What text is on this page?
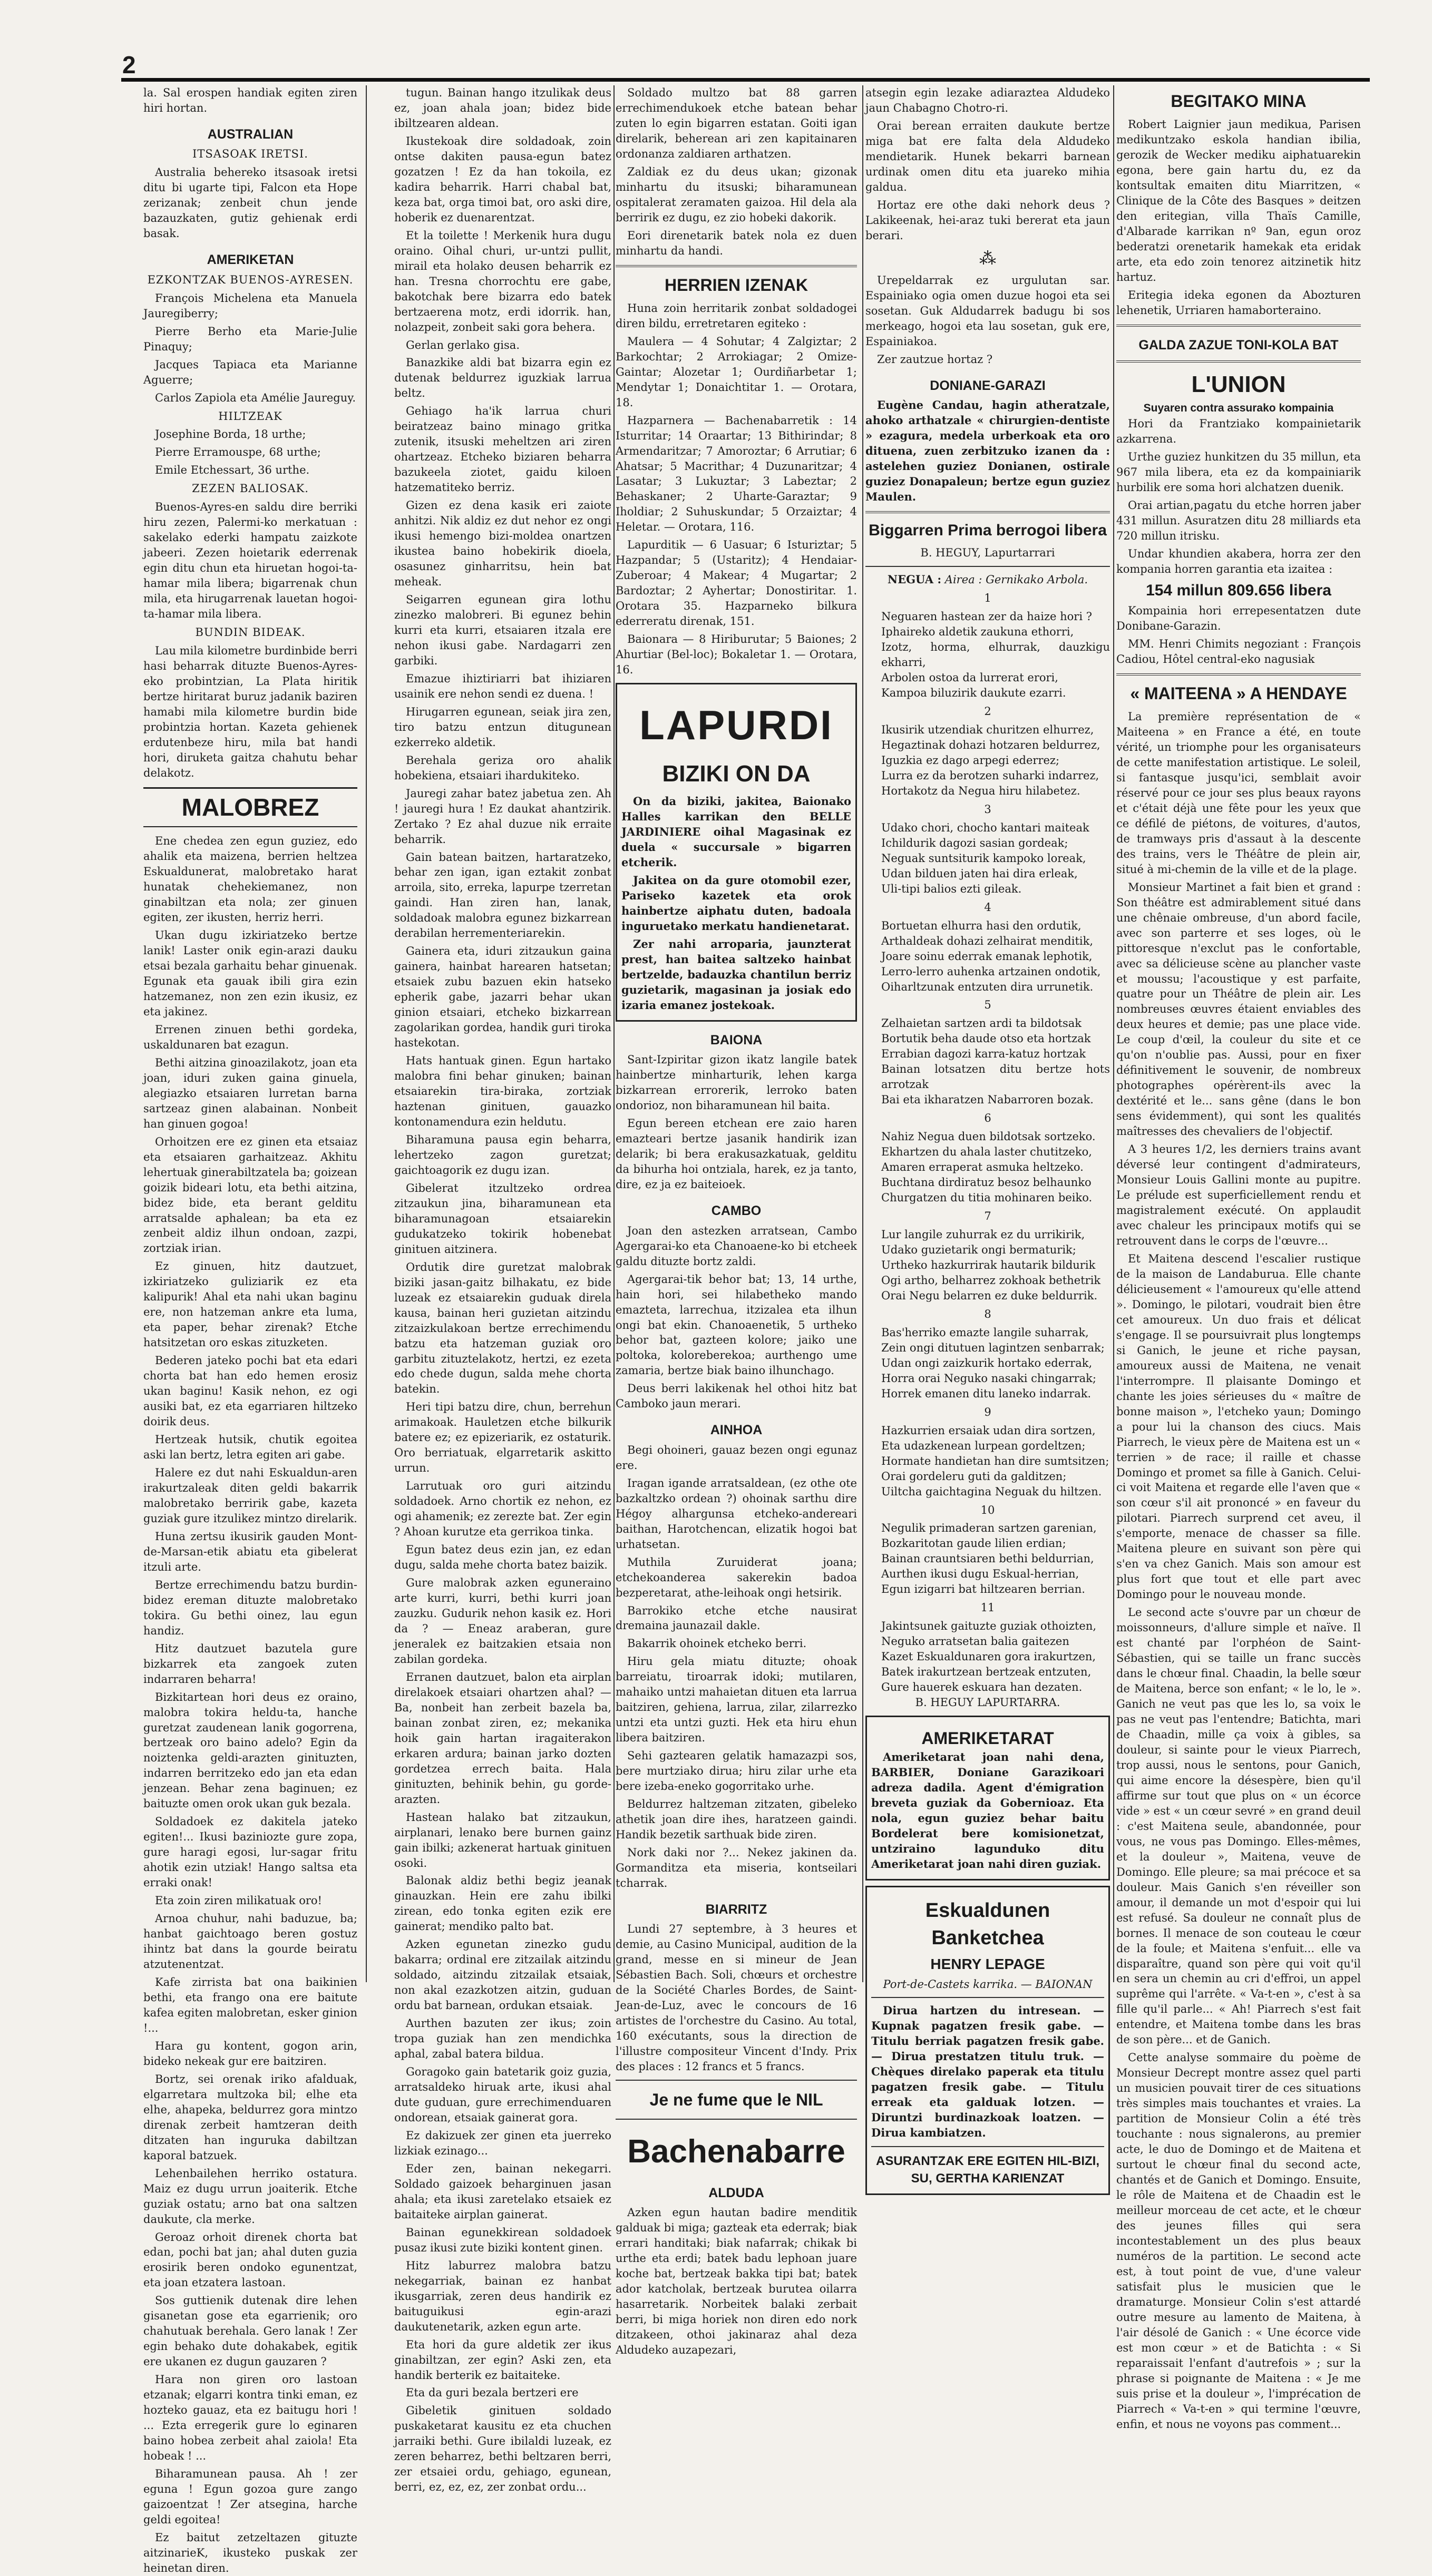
2

la. Sal erospen handiak egiten ziren hiri hortan.

AUSTRALIAN
ITSASOAK IRETSI.

Australia behereko itsasoak iretsi ditu bi ugarte tipi, Falcon eta Hope zerizanak; zenbeit chun jende bazauzkaten, gutiz gehienak erdi basak.

AMERIKETAN
EZKONTZAK BUENOS-AYRESEN.

François Michelena eta Manuela Jauregiberry;

Pierre Berho eta Marie-Julie Pinaquy;

Jacques Tapiaca eta Marianne Aguerre;

Carlos Zapiola eta Amélie Jaureguy.

HILTZEAK

Josephine Borda, 18 urthe;

Pierre Erramouspe, 68 urthe;

Emile Etchessart, 36 urthe.

ZEZEN BALIOSAK.

Buenos-Ayres-en saldu dire berriki hiru zezen, Palermi-ko merkatuan : sakelako ederki hampatu zaizkote jabeeri. Zezen hoietarik ederrenak egin ditu chun eta hiruetan hogoi-ta-hamar mila libera; bigarrenak chun mila, eta hirugarrenak lauetan hogoi-ta-hamar mila libera.

BUNDIN BIDEAK.

Lau mila kilometre burdinbide berri hasi beharrak dituzte Buenos-Ayres-eko probintzian, La Plata hiritik bertze hiritarat buruz jadanik baziren hamabi mila kilometre burdin bide probintzia hortan. Kazeta gehienek erdutenbeze hiru, mila bat handi hori, diruketa gaitza chahutu behar delakotz.

MALOBREZ

Ene chedea zen egun guziez, edo ahalik eta maizena, berrien heltzea Eskualdunerat, malobretako harat hunatak chehekiemanez, non ginabiltzan eta nola; zer ginuen egiten, zer ikusten, herriz herri.

Ukan dugu izkiriatzeko bertze lanik! Laster onik egin-arazi dauku etsai bezala garhaitu behar ginuenak. Egunak eta gauak ibili gira ezin hatzemanez, non zen ezin ikusiz, ez eta jakinez.

Errenen zinuen bethi gordeka, uskaldunaren bat ezagun.

Bethi aitzina ginoazilakotz, joan eta joan, iduri zuken gaina ginuela, alegiazko etsaiaren lurretan barna sartzeaz ginen alabainan. Nonbeit han ginuen gogoa!

Orhoitzen ere ez ginen eta etsaiaz eta etsaiaren garhaitzeaz. Akhitu lehertuak ginerabiltzatela ba; goizean goizik bideari lotu, eta bethi aitzina, bidez bide, eta berant gelditu arratsalde aphalean; ba eta ez zenbeit aldiz ilhun ondoan, zazpi, zortziak irian.

Ez ginuen, hitz dautzuet, izkiriatzeko guliziarik ez eta kalipurik! Ahal eta nahi ukan baginu ere, non hatzeman ankre eta luma, eta paper, behar zirenak? Etche hatsitzetan oro eskas zituzketen.

Bederen jateko pochi bat eta edari chorta bat han edo hemen erosiz ukan baginu! Kasik nehon, ez ogi ausiki bat, ez eta egarriaren hiltzeko doirik deus.

Hertzeak hutsik, chutik egoitea aski lan bertz, letra egiten ari gabe.

Halere ez dut nahi Eskualdun-aren irakurtzaleak diten geldi bakarrik malobretako berririk gabe, kazeta guziak gure itzulikez mintzo direlarik.

Huna zertsu ikusirik gauden Mont-de-Marsan-etik abiatu eta gibelerat itzuli arte.

Bertze errechimendu batzu burdin-bidez ereman dituzte malobretako tokira. Gu bethi oinez, lau egun handiz.

Hitz dautzuet bazutela gure bizkarrek eta zangoek zuten indarraren beharra!

Bizkitartean hori deus ez oraino, malobra tokira heldu-ta, hanche guretzat zaudenean lanik gogorrena, bertzeak oro baino adelo? Egin da noiztenka geldi-arazten ginituzten, indarren berritzeko edo jan eta edan jenzean. Behar zena baginuen; ez baituzte omen orok ukan guk bezala.

Soldadoek ez dakitela jateko egiten!... Ikusi baziniozte gure zopa, gure haragi egosi, lur-sagar fritu ahotik ezin utziak! Hango saltsa eta erraki onak!

Eta zoin ziren milikatuak oro!

Arnoa chuhur, nahi baduzue, ba; hanbat gaichtoago beren gostuz ihintz bat dans la gourde beiratu atzutenentzat.

Kafe zirrista bat ona baikinien bethi, eta frango ona ere baitute kafea egiten malobretan, esker ginion !...

Hara gu kontent, gogon arin, bideko nekeak gur ere baitziren.

Bortz, sei orenak iriko afalduak, elgarretara multzoka bil; elhe eta elhe, ahapeka, beldurrez gora mintzo direnak zerbeit hamtzeran deith ditzaten han inguruka dabiltzan kaporal batzuek.

Lehenbailehen herriko ostatura. Maiz ez dugu urrun joaiterik. Etche guziak ostatu; arno bat ona saltzen daukute, cla merke.

Geroaz orhoit direnek chorta bat edan, pochi bat jan; ahal duten guzia erosirik beren ondoko egunentzat, eta joan etzatera lastoan.

Sos guttienik dutenak dire lehen gisanetan gose eta egarrienik; oro chahutuak berehala. Gero lanak ! Zer egin behako dute dohakabek, egitik ere ukanen ez dugun gauzaren ?

Hara non giren oro lastoan etzanak; elgarri kontra tinki eman, ez hozteko gauaz, eta ez baitugu hori ! ... Ezta erregerik gure lo eginaren baino hobea zerbeit ahal zaiola! Eta hobeak ! ...

Biharamunean pausa. Ah ! zer eguna ! Egun gozoa gure zango gaizoentzat ! Zer atsegina, harche geldi egoitea!

Ez baitut zetzeltazen gituzte aitzinarieK, ikusteko puskak zer heinetan diren.

tugun. Bainan hango itzulikak deus ez, joan ahala joan; bidez bide ibiltzearen aldean.

Ikustekoak dire soldadoak, zoin ontse dakiten pausa-egun batez gozatzen ! Ez da han tokoila, ez kadira beharrik. Harri chabal bat, keza bat, orga timoi bat, oro aski dire, hoberik ez duenarentzat.

Et la toilette ! Merkenik hura dugu oraino. Oihal churi, ur-untzi pullit, mirail eta holako deusen beharrik ez han. Tresna chorrochtu ere gabe, bakotchak bere bizarra edo batek bertzaerena motz, erdi idorrik. han, nolazpeit, zonbeit saki gora behera.

Gerlan gerlako gisa.

Banazkike aldi bat bizarra egin ez dutenak beldurrez iguzkiak larrua beltz.

Gehiago ha'ik larrua churi beiratzeaz baino minago gritka zutenik, itsuski meheltzen ari ziren ohartzeaz. Etcheko biziaren beharra bazukeela ziotet, gaidu kiloen hatzematiteko berriz.

Gizen ez dena kasik eri zaiote anhitzi. Nik aldiz ez dut nehor ez ongi ikusi hemengo bizi-moldea onartzen ikustea baino hobekirik dioela, osasunez ginharritsu, hein bat meheak.

Seigarren egunean gira lothu zinezko malobreri. Bi egunez behin kurri eta kurri, etsaiaren itzala ere nehon ikusi gabe. Nardagarri zen garbiki.

Emazue ihiztiriarri bat ihiziaren usainik ere nehon sendi ez duena. !

Hirugarren egunean, seiak jira zen, tiro batzu entzun ditugunean ezkerreko aldetik.

Berehala geriza oro ahalik hobekiena, etsaiari ihardukiteko.

Jauregi zahar batez jabetua zen. Ah ! jauregi hura ! Ez daukat ahantzirik. Zertako ? Ez ahal duzue nik erraite beharrik.

Gain batean baitzen, hartaratzeko, behar zen igan, igan eztakit zonbat arroila, sito, erreka, lapurpe tzerretan gaindi. Han ziren han, lanak, soldadoak malobra egunez bizkarrean derabilan herrementeriarekin.

Gainera eta, iduri zitzaukun gaina gainera, hainbat harearen hatsetan; etsaiek zubu bazuen ekin hatseko epherik gabe, jazarri behar ukan ginion etsaiari, etcheko bizkarrean zagolarikan gordea, handik guri tiroka hastekotan.

Hats hantuak ginen. Egun hartako malobra fini behar ginuken; bainan etsaiarekin tira-biraka, zortziak haztenan ginituen, gauazko kontonamendura ezin heldutu.

Biharamuna pausa egin beharra, lehertzeko zagon guretzat; gaichtoagorik ez dugu izan.

Gibelerat itzultzeko ordrea zitzaukun jina, biharamunean eta biharamunagoan etsaiarekin gudukatzeko tokirik hobenebat ginituen aitzinera.

Ordutik dire guretzat malobrak biziki jasan-gaitz bilhakatu, ez bide luzeak ez etsaiarekin guduak direla kausa, bainan heri guzietan aitzindu zitzaizkulakoan bertze errechimendu batzu eta hatzeman guziak oro garbitu zituztelakotz, hertzi, ez ezeta edo chede dugun, salda mehe chorta batekin.

Heri tipi batzu dire, chun, berrehun arimakoak. Hauletzen etche bilkurik batere ez; ez epizeriarik, ez ostaturik. Oro berriatuak, elgarretarik askitto urrun.

Larrutuak oro guri aitzindu soldadoek. Arno chortik ez nehon, ez ogi ahamenik; ez zerezte bat. Zer egin ? Ahoan kurutze eta gerrikoa tinka.

Egun batez deus ezin jan, ez edan dugu, salda mehe chorta batez baizik.

Gure malobrak azken eguneraino arte kurri, kurri, bethi kurri joan zauzku. Gudurik nehon kasik ez. Hori da ? — Eneaz araberan, gure jeneralek ez baitzakien etsaia non zabilan gordeka.

Erranen dautzuet, balon eta airplan direlakoek etsaiari ohartzen ahal? — Ba, nonbeit han zerbeit bazela ba, bainan zonbat ziren, ez; mekanika hoik gain hartan iragaiterakon erkaren ardura; bainan jarko dozten gordetzea errech baita. Hala ginituzten, behinik behin, gu gorde-arazten.

Hastean halako bat zitzaukun, airplanari, lenako bere burnen gainz gain ibilki; azkenerat hartuak ginituen osoki.

Balonak aldiz bethi begiz jeanak ginauzkan. Hein ere zahu ibilki zirean, edo tonka egiten ezik ere gainerat; mendiko palto bat.

Azken egunetan zinezko gudu bakarra; ordinal ere zitzailak aitzindu soldado, aitzindu zitzailak etsaiak, non akal ezazkotzen aitzin, guduan ordu bat barnean, ordukan etsaiak.

Aurthen bazuten zer ikus; zoin tropa guziak han zen mendichka aphal, zabal batera bildua.

Goragoko gain batetarik goiz guzia, arratsaldeko hiruak arte, ikusi ahal dute guduan, gure errechimenduaren ondorean, etsaiak gainerat gora.

Ez dakizuek zer ginen eta juerreko lizkiak ezinago...

Eder zen, bainan nekegarri. Soldado gaizoek beharginuen jasan ahala; eta ikusi zaretelako etsaiek ez baitaiteke airplan gainerat.

Bainan egunekkirean soldadoek pusaz ikusi zute biziki kontent ginen.

Hitz laburrez malobra batzu nekegarriak, bainan ez hanbat ikusgarriak, zeren deus handirik ez baituguikusi egin-arazi daukutenetarik, azken egun arte.

Eta hori da gure aldetik zer ikus ginabiltzan, zer egin? Aski zen, eta handik berterik ez baitaiteke.

Eta da guri bezala bertzeri ere

Gibeletik ginituen soldado puskaketarat kausitu ez eta chuchen jarraiki bethi. Gure ibilaldi luzeak, ez zeren beharrez, bethi beltzaren berri, zer etsaiei ordu, gehiago, egunean, berri, ez, ez, ez, zer zonbat ordu...

Soldado multzo bat 88 garren errechimendukoek etche batean behar zuten lo egin bigarren estatan. Goiti igan direlarik, beherean ari zen kapitainaren ordonanza zaldiaren arthatzen.

Zaldiak ez du deus ukan; gizonak minhartu du itsuski; biharamunean ospitalerat zeramaten gaizoa. Hil dela ala berririk ez dugu, ez zio hobeki dakorik.

Eori direnetarik batek nola ez duen minhartu da handi.

HERRIEN IZENAK

Huna zoin herritarik zonbat soldadogei diren bildu, erretretaren egiteko :

Maulera — 4 Sohutar; 4 Zalgiztar; 2 Barkochtar; 2 Arrokiagar; 2 Omize-Gaintar; Alozetar 1; Ourdiñarbetar 1; Mendytar 1; Donaichtitar 1. — Orotara, 18.

Hazparnera — Bachenabarretik : 14 Isturritar; 14 Oraartar; 13 Bithirindar; 8 Armendaritzar; 7 Amoroztar; 6 Arrutiar; 6 Ahatsar; 5 Macrithar; 4 Duzunaritzar; 4 Lasatar; 3 Lukuztar; 3 Labeztar; 2 Behaskaner; 2 Uharte-Garaztar; 9 Iholdiar; 2 Suhuskundar; 5 Orzaiztar; 4 Heletar. — Orotara, 116.

Lapurditik — 6 Uasuar; 6 Isturiztar; 5 Hazpandar; 5 (Ustaritz); 4 Hendaiar-Zuberoar; 4 Makear; 4 Mugartar; 2 Bardoztar; 2 Ayhertar; Donostiritar. 1. Orotara 35. Hazparneko bilkura ederreratu direnak, 151.

Baionara — 8 Hiriburutar; 5 Baiones; 2 Ahurtiar (Bel-loc); Bokaletar 1. — Orotara, 16.

LAPURDI
BIZIKI ON DA

On da biziki, jakitea, Baionako Halles karrikan den BELLE JARDINIERE oihal Magasinak ez duela « succursale » bigarren etcherik.

Jakitea on da gure otomobil ezer, Pariseko kazetek eta orok hainbertze aiphatu duten, badoala inguruetako merkatu handienetarat.

Zer nahi arroparia, jaunzterat prest, han baitea saltzeko hainbat bertzelde, badauzka chantilun berriz guzietarik, magasinan ja josiak edo izaria emanez jostekoak.

BAIONA

Sant-Izpiritar gizon ikatz langile batek hainbertze minharturik, lehen karga bizkarrean errorerik, lerroko baten ondorioz, non biharamunean hil baita.

Egun bereen etchean ere zaio haren emazteari bertze jasanik handirik izan delarik; bi bera erakusazkatuak, gelditu da bihurha hoi ontziala, harek, ez ja tanto, dire, ez ja ez baiteioek.

CAMBO

Joan den astezken arratsean, Cambo Agergarai-ko eta Chanoaene-ko bi etcheek galdu dituzte bortz zaldi.

Agergarai-tik behor bat; 13, 14 urthe, hain hori, sei hilabetheko mando emazteta, larrechua, itzizalea eta ilhun ongi bat ekin. Chanoaenetik, 5 urtheko behor bat, gazteen kolore; jaiko une poltoka, koloreberekoa; aurthengo ume zamaria, bertze biak baino ilhunchago.

Deus berri lakikenak hel othoi hitz bat Camboko jaun merari.

AINHOA

Begi ohoineri, gauaz bezen ongi egunaz ere.

Iragan igande arratsaldean, (ez othe ote bazkaltzko ordean ?) ohoinak sarthu dire Hégoy alhargunsa etcheko-andereari baithan, Harotchencan, elizatik hogoi bat urhatsetan.

Muthila Zuruiderat joana; etchekoandereа sakerekin badoa bezperetarat, athe-leihoak ongi hetsirik.

Barrokiko etche etche nausirat dremaina jaunazail dakle.

Bakarrik ohoinek etcheko berri.

Hiru gela miatu dituzte; ohoak barreiatu, tiroarrak idoki; mutilaren, mahaiko untzi mahaietan dituen eta larrua baitziren, gehiena, larrua, zilar, zilarrezko untzi eta untzi guzti. Hek eta hiru ehun libera baitziren.

Sehi gaztearen gelatik hamazazpi sos, bere murtziako dirua; hiru zilar urhe eta bere izeba-eneko gogorritako urhe.

Beldurrez haltzeman zitzaten, gibeleko athetik joan dire ihes, haratzeen gaindi. Handik bezetik sarthuak bide ziren.

Nork daki nor ?... Nekez jakinen da. Gormanditza eta miseria, kontseilari tcharrak.

BIARRITZ

Lundi 27 septembre, à 3 heures et demie, au Casino Municipal, audition de la grand, messe en si mineur de Jean Sébastien Bach. Soli, chœurs et orchestre de la Société Charles Bordes, de Saint-Jean-de-Luz, avec le concours de 16 artistes de l'orchestre du Casino. Au total, 160 exécutants, sous la direction de l'illustre compositeur Vincent d'Indy. Prix des places : 12 francs et 5 francs.

Je ne fume que le NIL
Bachenabarre
ALDUDA

Azken egun hautan badire menditik galduak bi miga; gazteak eta ederrak; biak errari handitaki; biak nafarrak; chikak bi urthe eta erdi; batek badu lephoan juare koche bat, bertzeak bakka tipi bat; batek ador katcholak, bertzeak burutea oilarra hasarretarik. Norbeitek balaki zerbait berri, bi miga horiek non diren edo nork ditzakeen, othoi jakinaraz ahal deza Aldudeko auzapezari,

atsegin egin lezake adiaraztea Aldudeko jaun Chabagno Chotro-ri.

Orai berean erraiten daukute bertze miga bat ere falta dela Aldudeko mendietarik. Hunek bekarri barnean urdinak omen ditu eta juareko mihia galdua.

Hortaz ere othe daki nehork deus ? Lakikeenak, hei-araz tuki bererat eta jaun berari.

⁂

Urepeldarrak ez urgulutan sar. Espainiako ogia omen duzue hogoi eta sei sosetan. Guk Aldudarrek badugu bi sos merkeago, hogoi eta lau sosetan, guk ere, Espainiakoa.

Zer zautzue hortaz ?

DONIANE-GARAZI

Eugène Candau, hagin atheratzale, ahoko arthatzale « chirurgien-dentiste » ezagura, medela urberkoak eta oro dituena, zuen zerbitzuko izanen da : astelehen guziez Donianen, ostirale guziez Donapaleun; bertze egun guziez Maulen.

Biggarren Prima berrogoi libera
B. HEGUY, Lapurtarrari
NEGUA : Airea : Gernikako Arbola.
1
Neguaren hastean zer da haize hori ?
Iphaireko aldetik zaukuna ethorri,
Izotz, horma, elhurrak, dauzkigu ekharri,
Arbolen ostoa da lurrerat erori,
Kampoa biluzirik daukute ezarri.
2
Ikusirik utzendiak churitzen elhurrez,
Hegaztinak dohazi hotzaren beldurrez,
Iguzkia ez dago arpegi ederrez;
Lurra ez da berotzen suharki indarrez,
Hortakotz da Negua hiru hilabetez.
3
Udako chori, chocho kantari maiteak
Ichildurik dagozi sasian gordeak;
Neguak suntsiturik kampoko loreak,
Udan bilduen jaten hai dira erleak,
Uli-tipi balios ezti gileak.
4
Bortuetan elhurra hasi den ordutik,
Arthaldeak dohazi zelhairat menditik,
Joare soinu ederrak emanak lephotik,
Lerro-lerro auhenka artzainen ondotik,
Oiharltzunak entzuten dira urrunetik.
5
Zelhaietan sartzen ardi ta bildotsak
Bortutik beha daude otso eta hortzak
Errabian dagozi karra-katuz hortzak
Bainan lotsatzen ditu bertze hots arrotzak
Bai eta ikharatzen Nabarroren bozak.
6
Nahiz Negua duen bildotsak sortzeko.
Ekhartzen du ahala laster chutitzeko,
Amaren erraperat asmuka heltzeko.
Buchtana dirdiratuz besoz belhaunko
Churgatzen du titia mohinaren beiko.
7
Lur langile zuhurrak ez du urrikirik,
Udako guzietarik ongi bermaturik;
Urtheko hazkurrirak hautarik bildurik
Ogi artho, belharrez zokhoak bethetrik
Orai Negu belarren ez duke beldurrik.
8
Bas'herriko emazte langile suharrak,
Zein ongi ditutuen lagintzen senbarrak;
Udan ongi zaizkurik hortako ederrak,
Horra orai Neguko nasaki chingarrak;
Horrek emanen ditu laneko indarrak.
9
Hazkurrien ersaiak udan dira sortzen,
Eta udazkenean lurpean gordeltzen;
Hormate handietan han dire sumtsitzen;
Orai gordeleru guti da galditzen;
Uiltcha gaichtagina Neguak du hiltzen.
10
Negulik primaderan sartzen garenian,
Bozkaritotan gaude lilien erdian;
Bainan crauntsiaren bethi beldurrian,
Aurthen ikusi dugu Eskual-herrian,
Egun izigarri bat hiltzearen berrian.
11
Jakintsunek gaituzte guziak othoizten,
Neguko arratsetan balia gaitezen
Kazet Eskualdunaren gora irakurtzen,
Batek irakurtzean bertzeak entzuten,
Gure hauerek eskuara han dezaten.
B. HEGUY LAPURTARRA.
AMERIKETARAT

Ameriketarat joan nahi dena, BARBIER, Doniane Garazikoari adreza dadila. Agent d'émigration breveta guziak da Gobernioaz. Eta nola, egun guziez behar baitu Bordelerat bere komisionetzat, untziraino lagunduko ditu Ameriketarat joan nahi diren guziak.

Eskualdunen Banketchea
HENRY LEPAGE
Port-de-Castets karrika. — BAIONAN

Dirua hartzen du intresean. — Kupnak pagatzen fresik gabe. — Titulu berriak pagatzen fresik gabe. — Dirua prestatzen titulu truk. — Chèques direlako paperak eta titulu pagatzen fresik gabe. — Titulu erreak eta galduak lotzen. — Diruntzi burdinazkoak loatzen. — Dirua kambiatzen.

ASURANTZAK ERE EGITEN HIL-BIZI, SU, GERTHA KARIENZAT
BEGITAKO MINA

Robert Laignier jaun medikua, Parisen medikuntzako eskola handian ibilia, gerozik de Wecker mediku aiphatuarekin egona, bere gain hartu du, ez da kontsultak emaiten ditu Miarritzen, « Clinique de la Côte des Basques » deitzen den eritegian, villa Thaïs Camille, d'Albarade karrikan nº 9an, egun oroz bederatzi orenetarik hamekak eta eridak arte, eta edo zoin tenorez aitzinetik hitz hartuz.

Eritegia ideka egonen da Abozturen lehenetik, Urriaren hamaborteraino.

GALDA ZAZUE TONI-KOLA BAT
L'UNION
Suyaren contra assurako kompainia

Hori da Frantziako kompainietarik azkarrena.

Urthe guziez hunkitzen du 35 millun, eta 967 mila libera, eta ez da kompainiarik hurbilik ere soma hori alchatzen duenik.

Orai artian,pagatu du etche horren jaber 431 millun. Asuratzen ditu 28 milliards eta 720 millun itrisku.

Undar khundien akabera, horra zer den kompania horren garantia eta izaitea :

154 millun 809.656 libera

Kompainia hori errepesentatzen dute Donibane-Garazin.

MM. Henri Chimits negoziant : François Cadiou, Hôtel central-eko nagusiak

« MAITEENA » A HENDAYE

La première représentation de « Maiteena » en France a été, en toute vérité, un triomphe pour les organisateurs de cette manifestation artistique. Le soleil, si fantasque jusqu'ici, semblait avoir réservé pour ce jour ses plus beaux rayons et c'était déjà une fête pour les yeux que ce défilé de piétons, de voitures, d'autos, de tramways pris d'assaut à la descente des trains, vers le Théâtre de plein air, situé à mi-chemin de la ville et de la plage.

Monsieur Martinet a fait bien et grand : Son théâtre est admirablement situé dans une chênaie ombreuse, d'un abord facile, avec son parterre et ses loges, où le pittoresque n'exclut pas le confortable, avec sa délicieuse scène au plancher vaste et moussu; l'acoustique y est parfaite, quatre pour un Théâtre de plein air. Les nombreuses œuvres étaient enviables des deux heures et demie; pas une place vide. Le coup d'œil, la couleur du site et ce qu'on n'oublie pas. Aussi, pour en fixer définitivement le souvenir, de nombreux photographes opérèrent-ils avec la dextérité et le... sans gêne (dans le bon sens évidemment), qui sont les qualités maîtresses des chevaliers de l'objectif.

A 3 heures 1/2, les derniers trains avant déversé leur contingent d'admirateurs, Monsieur Louis Gallini monte au pupitre. Le prélude est superficiellement rendu et magistralement exécuté. On applaudit avec chaleur les principaux motifs qui se retrouvent dans le corps de l'œuvre...

Et Maitena descend l'escalier rustique de la maison de Landaburua. Elle chante délicieusement « l'amoureux qu'elle attend ». Domingo, le pilotari, voudrait bien être cet amoureux. Un duo frais et délicat s'engage. Il se poursuivrait plus longtemps si Ganich, le jeune et riche paysan, amoureux aussi de Maitena, ne venait l'interrompre. Il plaisante Domingo et chante les joies sérieuses du « maître de bonne maison », l'etcheko yaun; Domingo a pour lui la chanson des ciucs. Mais Piarrech, le vieux père de Maitena est un « terrien » de race; il raille et chasse Domingo et promet sa fille à Ganich. Celui-ci voit Maitena et regarde elle l'aven que « son cœur s'il ait prononcé » en faveur du pilotari. Piarrech surprend cet aveu, il s'emporte, menace de chasser sa fille. Maitena pleure en suivant son père qui s'en va chez Ganich. Mais son amour est plus fort que tout et elle part avec Domingo pour le nouveau monde.

Le second acte s'ouvre par un chœur de moissonneurs, d'allure simple et naïve. Il est chanté par l'orphéon de Saint-Sébastien, qui se taille un franc succès dans le chœur final. Chaadin, la belle sœur de Maitena, berce son enfant; « le lo, le ». Ganich ne veut pas que les lo, sa voix le pas ne veut pas l'entendre; Batichta, mari de Chaadin, mille ça voix à gibles, sa douleur, si sainte pour le vieux Piarrech, trop aussi, nous le sentons, pour Ganich, qui aime encore la désespère, bien qu'il affirme sur tout que plus on « un écorce vide » est « un cœur sevré » en grand deuil : c'est Maitena seule, abandonnée, pour vous, ne vous pas Domingo. Elles-mêmes, et la douleur », Maitena, veuve de Domingo. Elle pleure; sa mai précoce et sa douleur. Mais Ganich s'en réveiller son amour, il demande un mot d'espoir qui lui est refusé. Sa douleur ne connaît plus de bornes. Il menace de son couteau le cœur de la foule; et Maitena s'enfuit... elle va disparaître, quand son père qui voit qu'il en sera un chemin au cri d'effroi, un appel suprême qui l'arrête. « Va-t-en », c'est à sa fille qu'il parle... « Ah! Piarrech s'est fait entendre, et Maitena tombe dans les bras de son père... et de Ganich.

Cette analyse sommaire du poème de Monsieur Decrept montre assez quel parti un musicien pouvait tirer de ces situations très simples mais touchantes et vraies. La partition de Monsieur Colin a été très touchante : nous signalerons, au premier acte, le duo de Domingo et de Maitena et surtout le chœur final du second acte, chantés et de Ganich et Domingo. Ensuite, le rôle de Maitena et de Chaadin est le meilleur morceau de cet acte, et le chœur des jeunes filles qui sera incontestablement un des plus beaux numéros de la partition. Le second acte est, à tout point de vue, d'une valeur satisfait plus le musicien que le dramaturge. Monsieur Colin s'est attardé outre mesure au lamento de Maitena, à l'air désolé de Ganich : « Une écorce vide est mon cœur » et de Batichta : « Si reparaissait l'enfant d'autrefois » ; sur la phrase si poignante de Maitena : « Je me suis prise et la douleur », l'imprécation de Piarrech « Va-t-en » qui termine l'œuvre, enfin, et nous ne voyons pas comment...
